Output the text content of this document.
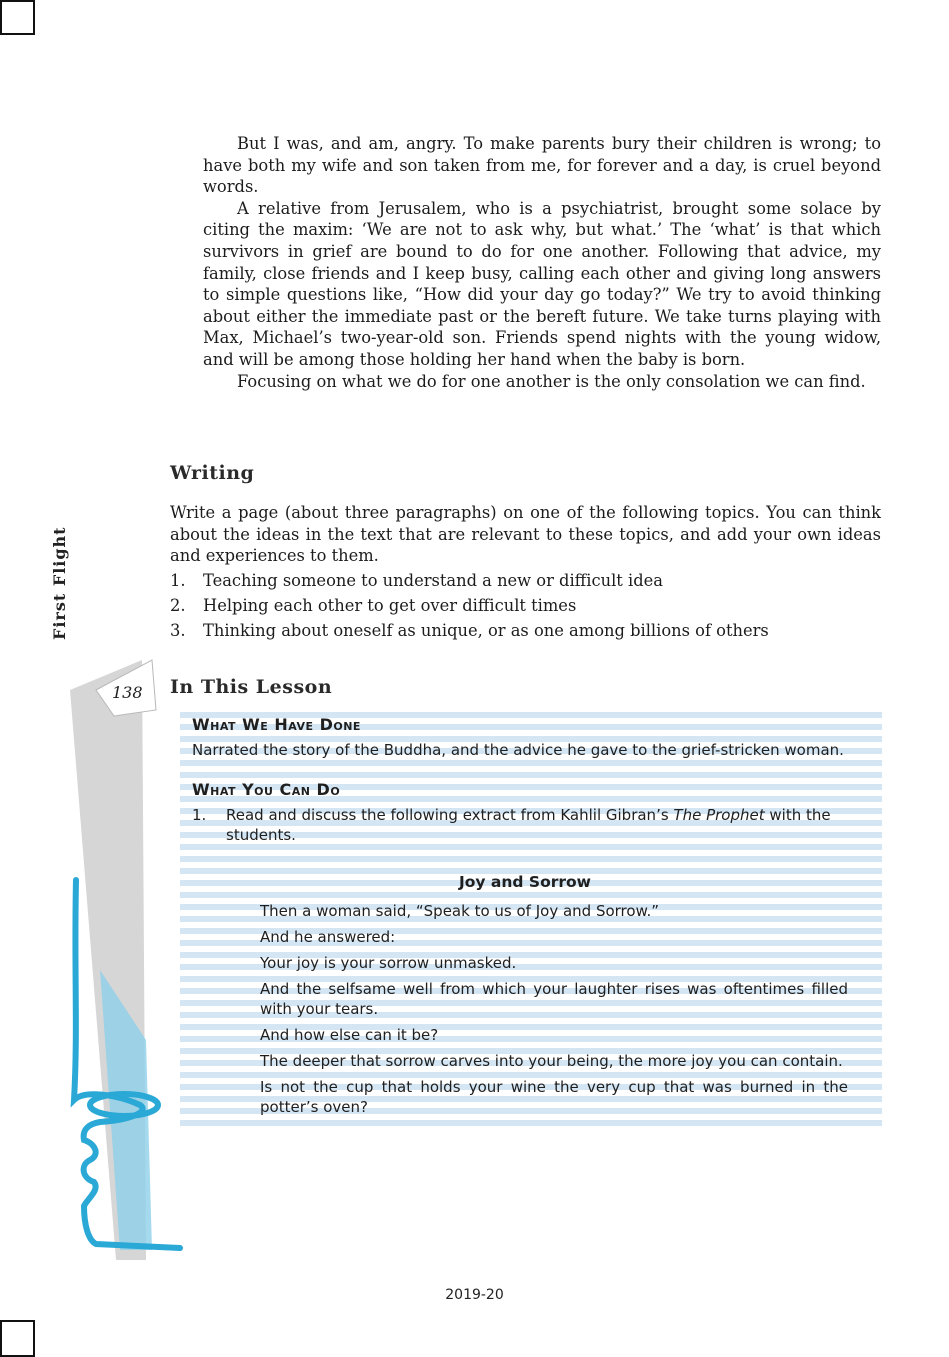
First Flight
138

But I was, and am, angry. To make parents bury their children is wrong; to have both my wife and son taken from me, for forever and a day, is cruel beyond words.

A relative from Jerusalem, who is a psychiatrist, brought some solace by citing the maxim: ‘We are not to ask why, but what.’ The ‘what’ is that which survivors in grief are bound to do for one another. Following that advice, my family, close friends and I keep busy, calling each other and giving long answers to simple questions like, “How did your day go today?” We try to avoid thinking about either the immediate past or the bereft future. We take turns playing with Max, Michael’s two-year-old son. Friends spend nights with the young widow, and will be among those holding her hand when the baby is born.

Focusing on what we do for one another is the only consolation we can find.

Writing

Write a page (about three paragraphs) on one of the following topics. You can think about the ideas in the text that are relevant to these topics, and add your own ideas and experiences to them.

1.	Teaching someone to understand a new or difficult idea
2.	Helping each other to get over difficult times
3.	Thinking about oneself as unique, or as one among billions of others
In This Lesson

What We Have Done

Narrated the story of the Buddha, and the advice he gave to the grief-stricken woman.

What You Can Do

1.	Read and discuss the following extract from Kahlil Gibran’s The Prophet with the students.

Joy and Sorrow

Then a woman said, “Speak to us of Joy and Sorrow.”
And he answered:
Your joy is your sorrow unmasked.
And the selfsame well from which your laughter rises was oftentimes filled with your tears.
And how else can it be?
The deeper that sorrow carves into your being, the more joy you can contain.
Is not the cup that holds your wine the very cup that was burned in the potter’s oven?
2019-20
